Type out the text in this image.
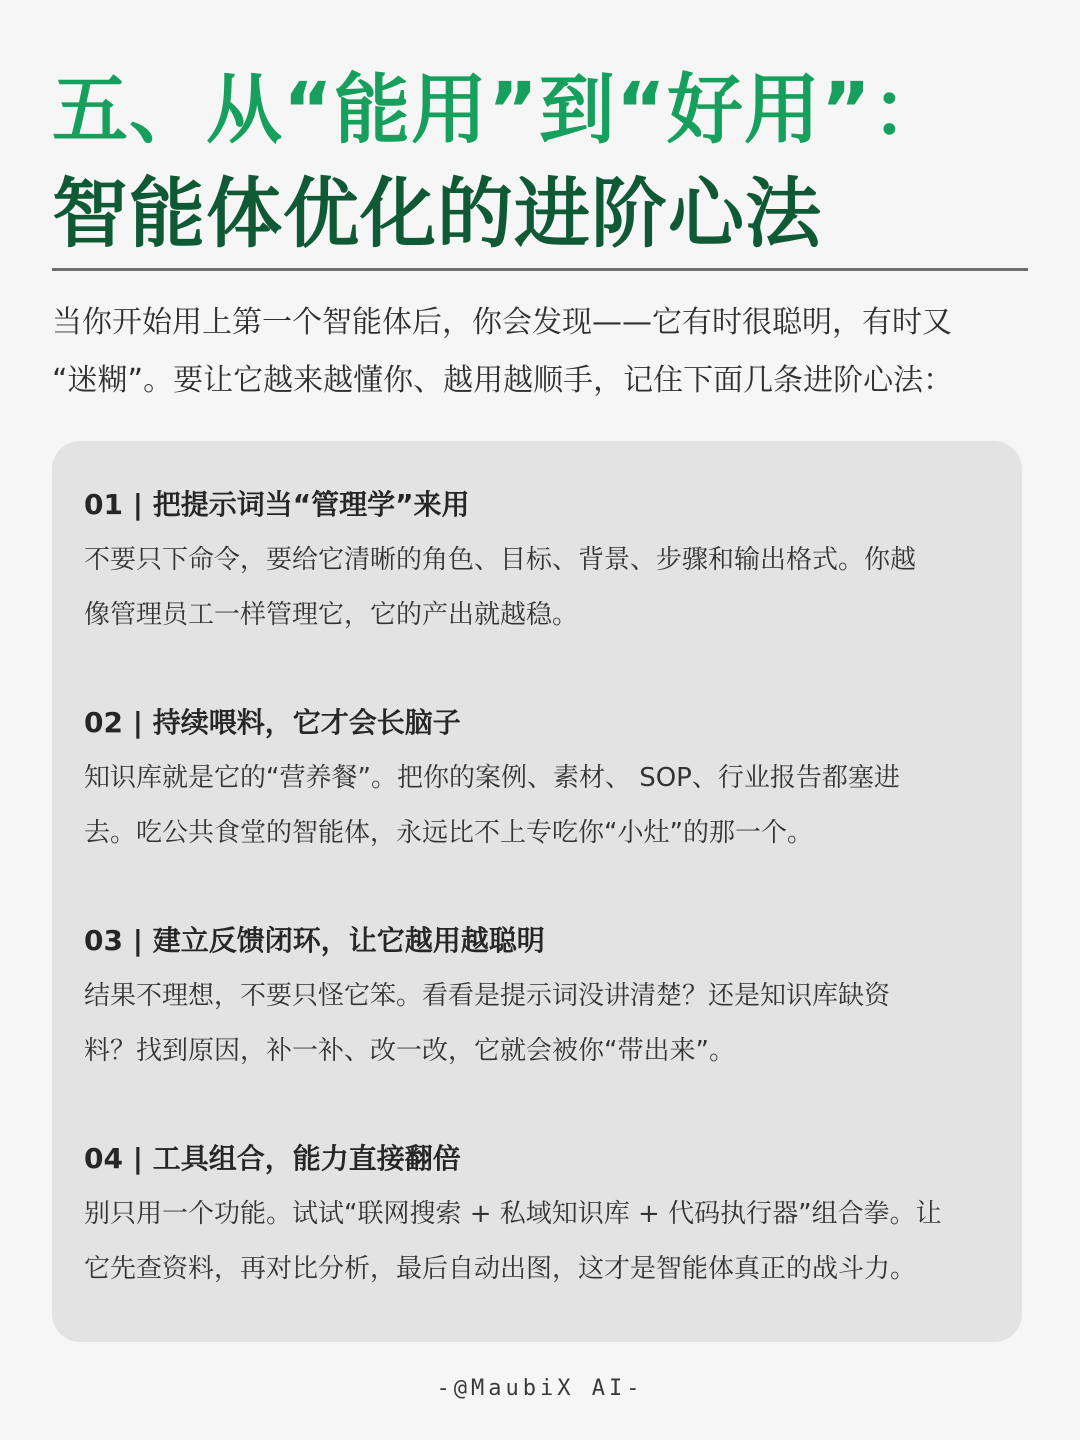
五、从“能用”到“好用”：
智能体优化的进阶心法

当你开始用上第一个智能体后，你会发现——它有时很聪明，有时又
“迷糊”。要让它越来越懂你、越用越顺手，记住下面几条进阶心法：

01 | 把提示词当“管理学”来用
不要只下命令，要给它清晰的角色、目标、背景、步骤和输出格式。你越
像管理员工一样管理它，它的产出就越稳。
02 | 持续喂料，它才会长脑子
知识库就是它的“营养餐”。把你的案例、素材、 SOP、行业报告都塞进
去。吃公共食堂的智能体，永远比不上专吃你“小灶”的那一个。
03 | 建立反馈闭环，让它越用越聪明
结果不理想，不要只怪它笨。看看是提示词没讲清楚？还是知识库缺资
料？找到原因，补一补、改一改，它就会被你“带出来”。
04 | 工具组合，能力直接翻倍
别只用一个功能。试试“联网搜索 + 私域知识库 + 代码执行器”组合拳。让
它先查资料，再对比分析，最后自动出图，这才是智能体真正的战斗力。
-@MaubiX AI-
